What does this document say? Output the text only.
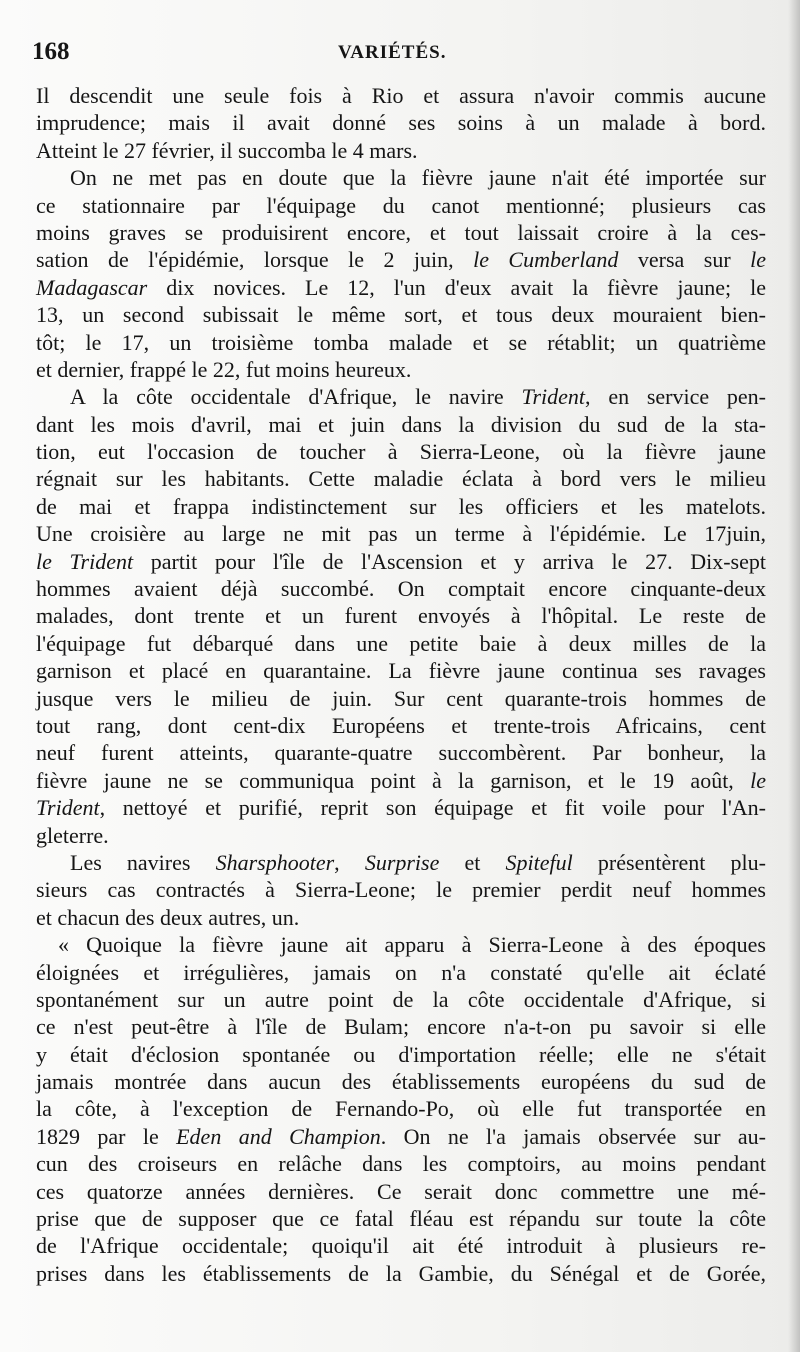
168	VARIÉTÉS.
Il descendit une seule fois à Rio et assura n'avoir commis aucune
imprudence; mais il avait donné ses soins à un malade à bord.
Atteint le 27 février, il succomba le 4 mars.
On ne met pas en doute que la fièvre jaune n'ait été importée sur
ce stationnaire par l'équipage du canot mentionné; plusieurs cas
moins graves se produisirent encore, et tout laissait croire à la ces-
sation de l'épidémie, lorsque le 2 juin, le Cumberland versa sur le
Madagascar dix novices. Le 12, l'un d'eux avait la fièvre jaune; le
13, un second subissait le même sort, et tous deux mouraient bien-
tôt; le 17, un troisième tomba malade et se rétablit; un quatrième
et dernier, frappé le 22, fut moins heureux.
A la côte occidentale d'Afrique, le navire Trident, en service pen-
dant les mois d'avril, mai et juin dans la division du sud de la sta-
tion, eut l'occasion de toucher à Sierra-Leone, où la fièvre jaune
régnait sur les habitants. Cette maladie éclata à bord vers le milieu
de mai et frappa indistinctement sur les officiers et les matelots.
Une croisière au large ne mit pas un terme à l'épidémie. Le 17juin,
le Trident partit pour l'île de l'Ascension et y arriva le 27. Dix-sept
hommes avaient déjà succombé. On comptait encore cinquante-deux
malades, dont trente et un furent envoyés à l'hôpital. Le reste de
l'équipage fut débarqué dans une petite baie à deux milles de la
garnison et placé en quarantaine. La fièvre jaune continua ses ravages
jusque vers le milieu de juin. Sur cent quarante-trois hommes de
tout rang, dont cent-dix Européens et trente-trois Africains, cent
neuf furent atteints, quarante-quatre succombèrent. Par bonheur, la
fièvre jaune ne se communiqua point à la garnison, et le 19 août, le
Trident, nettoyé et purifié, reprit son équipage et fit voile pour l'An-
gleterre.
Les navires Sharsphooter, Surprise et Spiteful présentèrent plu-
sieurs cas contractés à Sierra-Leone; le premier perdit neuf hommes
et chacun des deux autres, un.
« Quoique la fièvre jaune ait apparu à Sierra-Leone à des époques
éloignées et irrégulières, jamais on n'a constaté qu'elle ait éclaté
spontanément sur un autre point de la côte occidentale d'Afrique, si
ce n'est peut-être à l'île de Bulam; encore n'a-t-on pu savoir si elle
y était d'éclosion spontanée ou d'importation réelle; elle ne s'était
jamais montrée dans aucun des établissements européens du sud de
la côte, à l'exception de Fernando-Po, où elle fut transportée en
1829 par le Eden and Champion. On ne l'a jamais observée sur au-
cun des croiseurs en relâche dans les comptoirs, au moins pendant
ces quatorze années dernières. Ce serait donc commettre une mé-
prise que de supposer que ce fatal fléau est répandu sur toute la côte
de l'Afrique occidentale; quoiqu'il ait été introduit à plusieurs re-
prises dans les établissements de la Gambie, du Sénégal et de Gorée,
